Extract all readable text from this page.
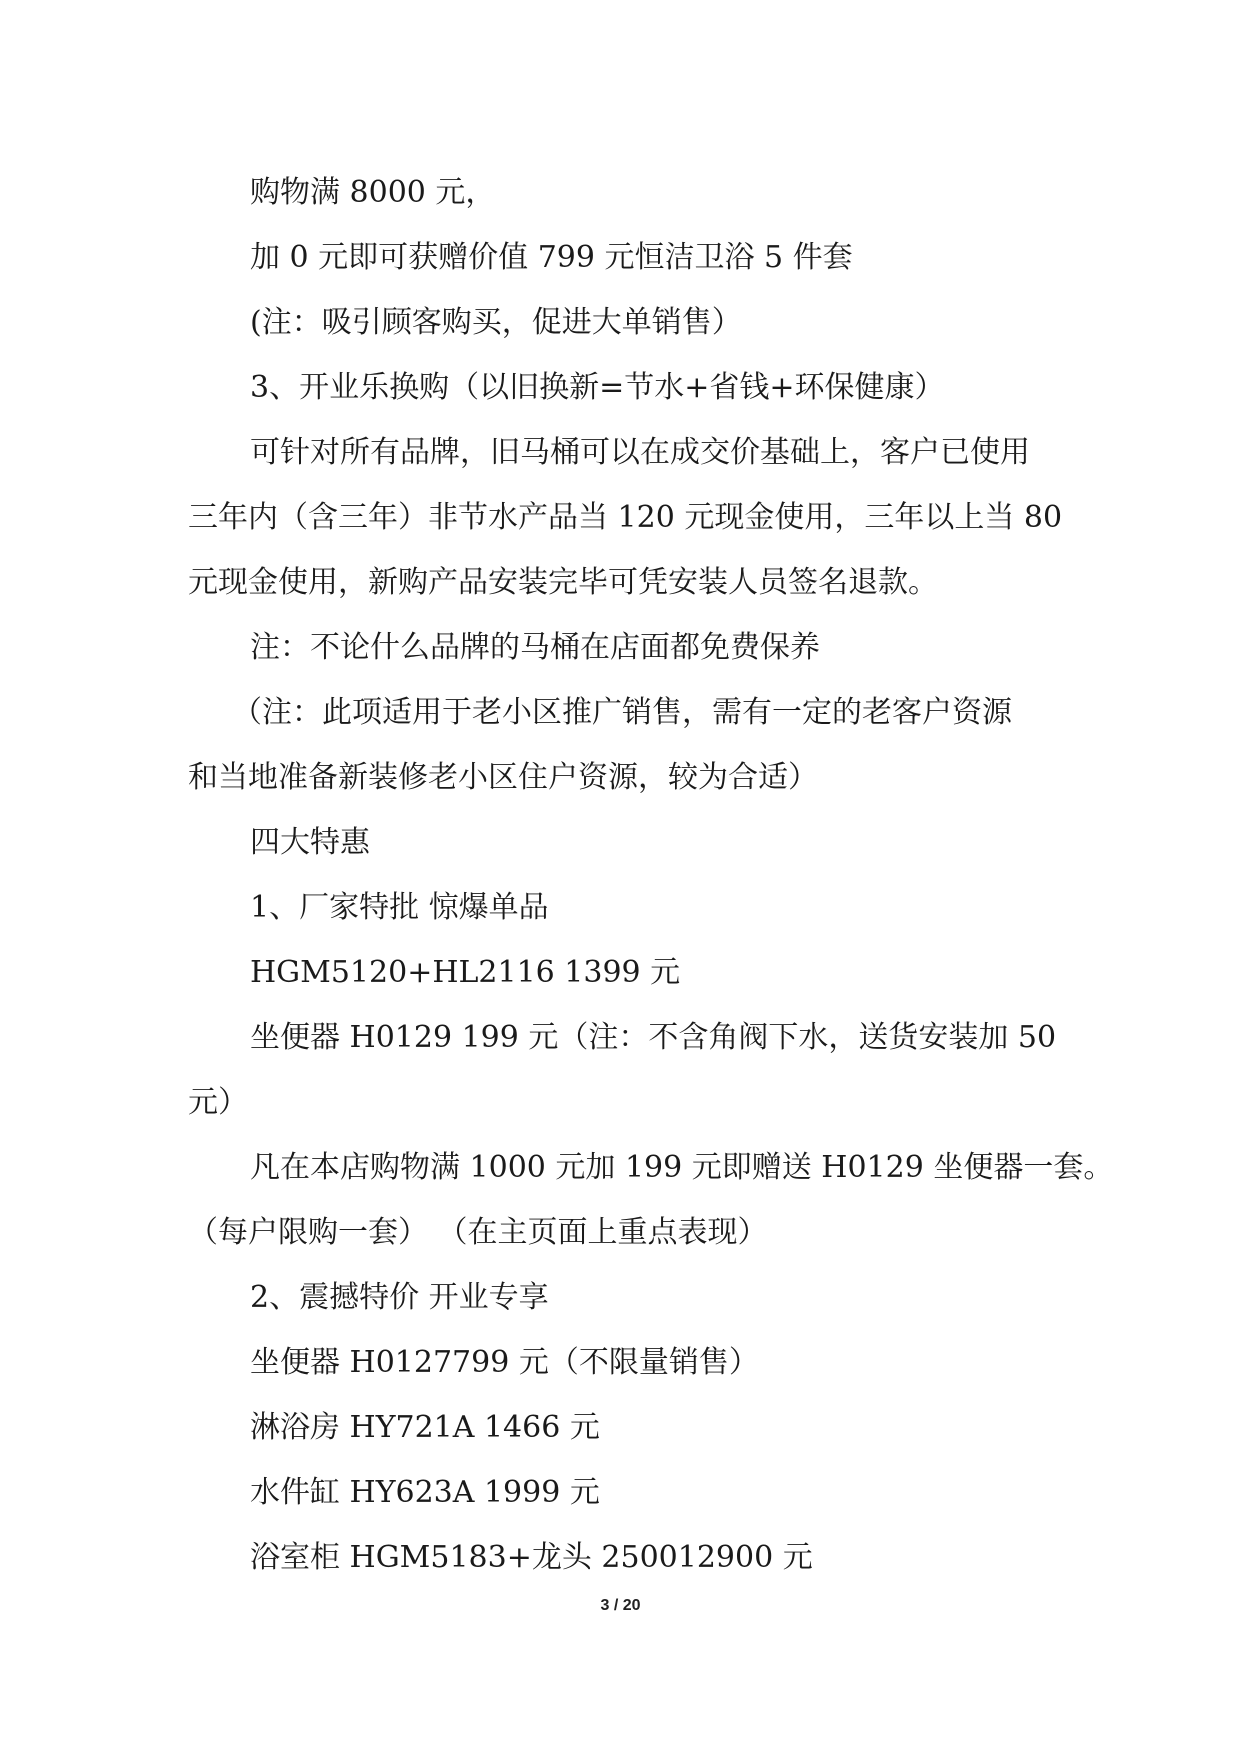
购物满 8000 元，
加 0 元即可获赠价值 799 元恒洁卫浴 5 件套
(注：吸引顾客购买，促进大单销售）
3、开业乐换购（以旧换新=节水+省钱+环保健康）
可针对所有品牌，旧马桶可以在成交价基础上，客户已使用
三年内（含三年）非节水产品当 120 元现金使用，三年以上当 80
元现金使用，新购产品安装完毕可凭安装人员签名退款。
注：不论什么品牌的马桶在店面都免费保养
（注：此项适用于老小区推广销售，需有一定的老客户资源
和当地准备新装修老小区住户资源，较为合适）
四大特惠
1、厂家特批 惊爆单品
HGM5120+HL2116 1399 元
坐便器 H0129 199 元（注：不含角阀下水，送货安装加 50
元）
凡在本店购物满 1000 元加 199 元即赠送 H0129 坐便器一套。
（每户限购一套） （在主页面上重点表现）
2、震撼特价 开业专享
坐便器 H0127799 元（不限量销售）
淋浴房 HY721A 1466 元
水件缸 HY623A 1999 元
浴室柜 HGM5183+龙头 250012900 元
3 / 20
